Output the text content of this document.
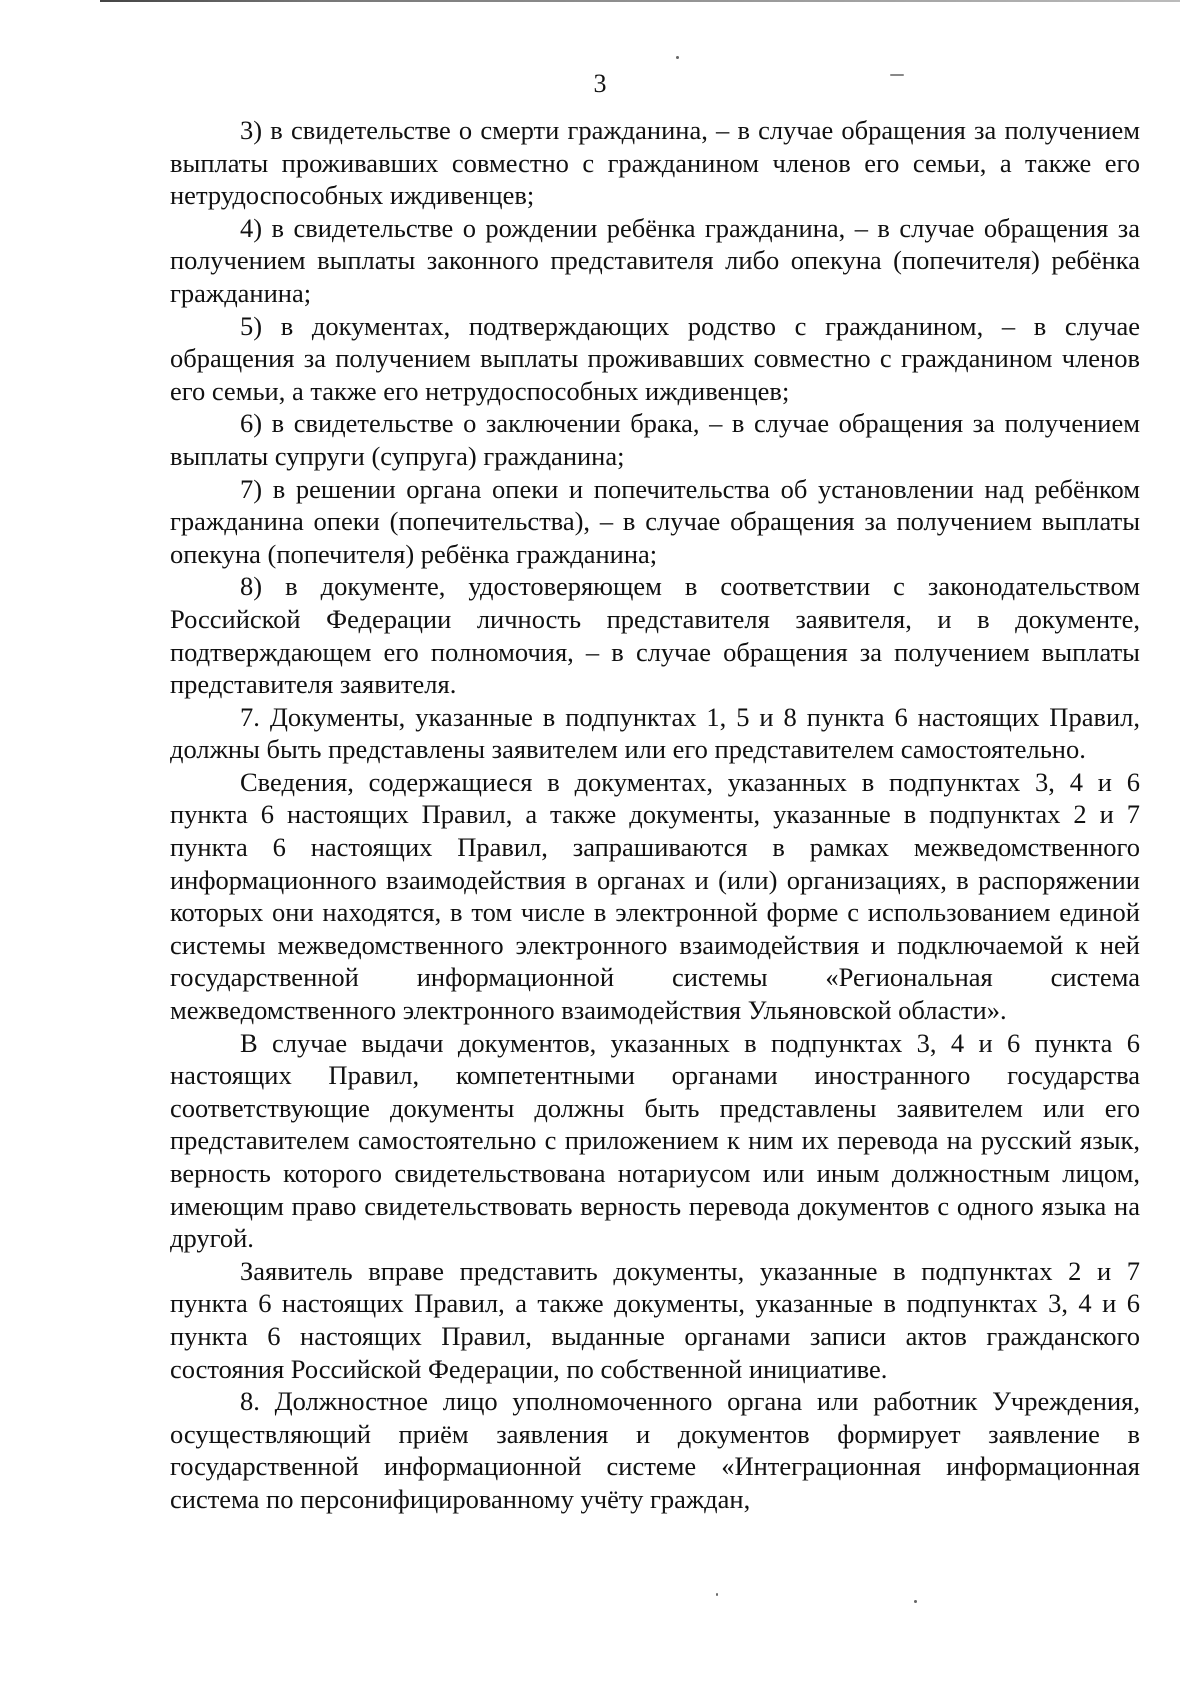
3

3) в свидетельстве о смерти гражданина, – в случае обращения за получением выплаты проживавших совместно с гражданином членов его семьи, а также его нетрудоспособных иждивенцев;

4) в свидетельстве о рождении ребёнка гражданина, – в случае обращения за получением выплаты законного представителя либо опекуна (попечителя) ребёнка гражданина;

5) в документах, подтверждающих родство с гражданином, – в случае обращения за получением выплаты проживавших совместно с гражданином членов его семьи, а также его нетрудоспособных иждивенцев;

6) в свидетельстве о заключении брака, – в случае обращения за получением выплаты супруги (супруга) гражданина;

7) в решении органа опеки и попечительства об установлении над ребёнком гражданина опеки (попечительства), – в случае обращения за получением выплаты опекуна (попечителя) ребёнка гражданина;

8) в документе, удостоверяющем в соответствии с законодательством Российской Федерации личность представителя заявителя, и в документе, подтверждающем его полномочия, – в случае обращения за получением выплаты представителя заявителя.

7. Документы, указанные в подпунктах 1, 5 и 8 пункта 6 настоящих Правил, должны быть представлены заявителем или его представителем самостоятельно.

Сведения, содержащиеся в документах, указанных в подпунктах 3, 4 и 6 пункта 6 настоящих Правил, а также документы, указанные в подпунктах 2 и 7 пункта 6 настоящих Правил, запрашиваются в рамках межведомственного информационного взаимодействия в органах и (или) организациях, в распоряжении которых они находятся, в том числе в электронной форме с использованием единой системы межведомственного электронного взаимодействия и подключаемой к ней государственной информационной системы «Региональная система межведомственного электронного взаимодействия Ульяновской области».

В случае выдачи документов, указанных в подпунктах 3, 4 и 6 пункта 6 настоящих Правил, компетентными органами иностранного государства соответствующие документы должны быть представлены заявителем или его представителем самостоятельно с приложением к ним их перевода на русский язык, верность которого свидетельствована нотариусом или иным должностным лицом, имеющим право свидетельствовать верность перевода документов с одного языка на другой.

Заявитель вправе представить документы, указанные в подпунктах 2 и 7 пункта 6 настоящих Правил, а также документы, указанные в подпунктах 3, 4 и 6 пункта 6 настоящих Правил, выданные органами записи актов гражданского состояния Российской Федерации, по собственной инициативе.

8. Должностное лицо уполномоченного органа или работник Учреждения, осуществляющий приём заявления и документов формирует заявление в государственной информационной системе «Интеграционная информационная система по персонифицированному учёту граждан,
